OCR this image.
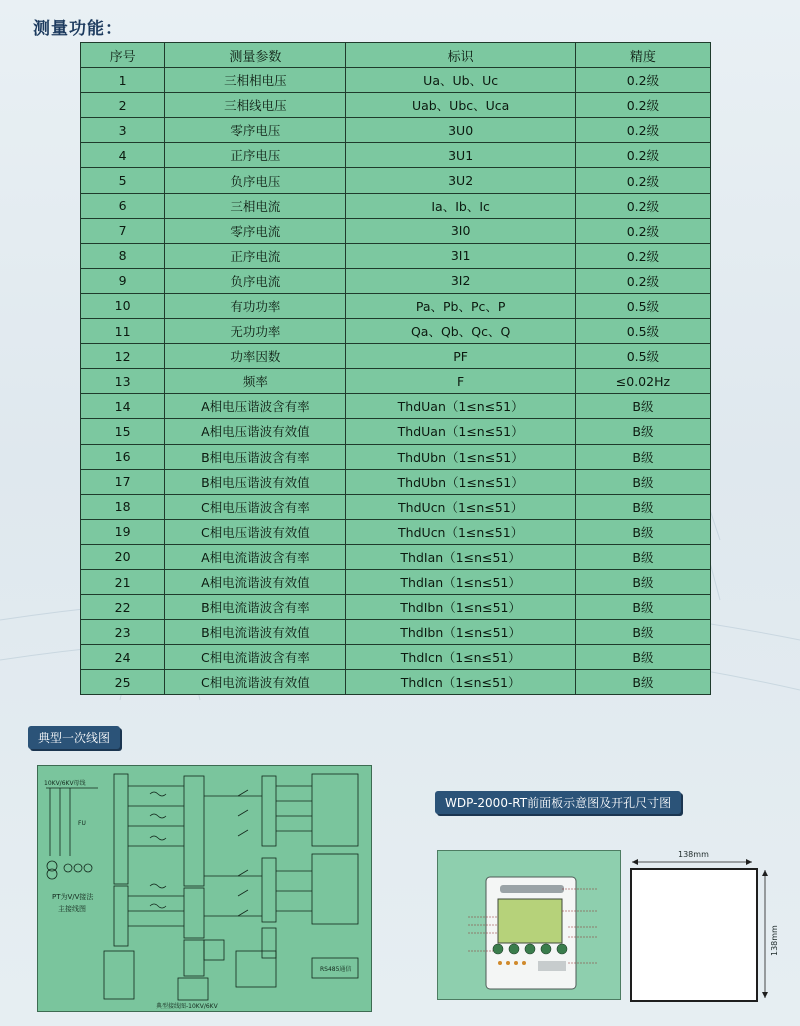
测量功能：
序号	测量参数	标识	精度
1	三相相电压	Ua、Ub、Uc	0.2级
2	三相线电压	Uab、Ubc、Uca	0.2级
3	零序电压	3U0	0.2级
4	正序电压	3U1	0.2级
5	负序电压	3U2	0.2级
6	三相电流	Ia、Ib、Ic	0.2级
7	零序电流	3I0	0.2级
8	正序电流	3I1	0.2级
9	负序电流	3I2	0.2级
10	有功功率	Pa、Pb、Pc、P	0.5级
11	无功功率	Qa、Qb、Qc、Q	0.5级
12	功率因数	PF	0.5级
13	频率	F	≤0.02Hz
14	A相电压谐波含有率	ThdUan（1≤n≤51）	B级
15	A相电压谐波有效值	ThdUan（1≤n≤51）	B级
16	B相电压谐波含有率	ThdUbn（1≤n≤51）	B级
17	B相电压谐波有效值	ThdUbn（1≤n≤51）	B级
18	C相电压谐波含有率	ThdUcn（1≤n≤51）	B级
19	C相电压谐波有效值	ThdUcn（1≤n≤51）	B级
20	A相电流谐波含有率	ThdIan（1≤n≤51）	B级
21	A相电流谐波有效值	ThdIan（1≤n≤51）	B级
22	B相电流谐波含有率	ThdIbn（1≤n≤51）	B级
23	B相电流谐波有效值	ThdIbn（1≤n≤51）	B级
24	C相电流谐波含有率	ThdIcn（1≤n≤51）	B级
25	C相电流谐波有效值	ThdIcn（1≤n≤51）	B级
典型一次线图
10KV/6KV母线
FU
PT为V/V接法
主接线图
RS485通信
典型接线图-10KV/6KV
WDP-2000-RT前面板示意图及开孔尺寸图
138mm
138mm
